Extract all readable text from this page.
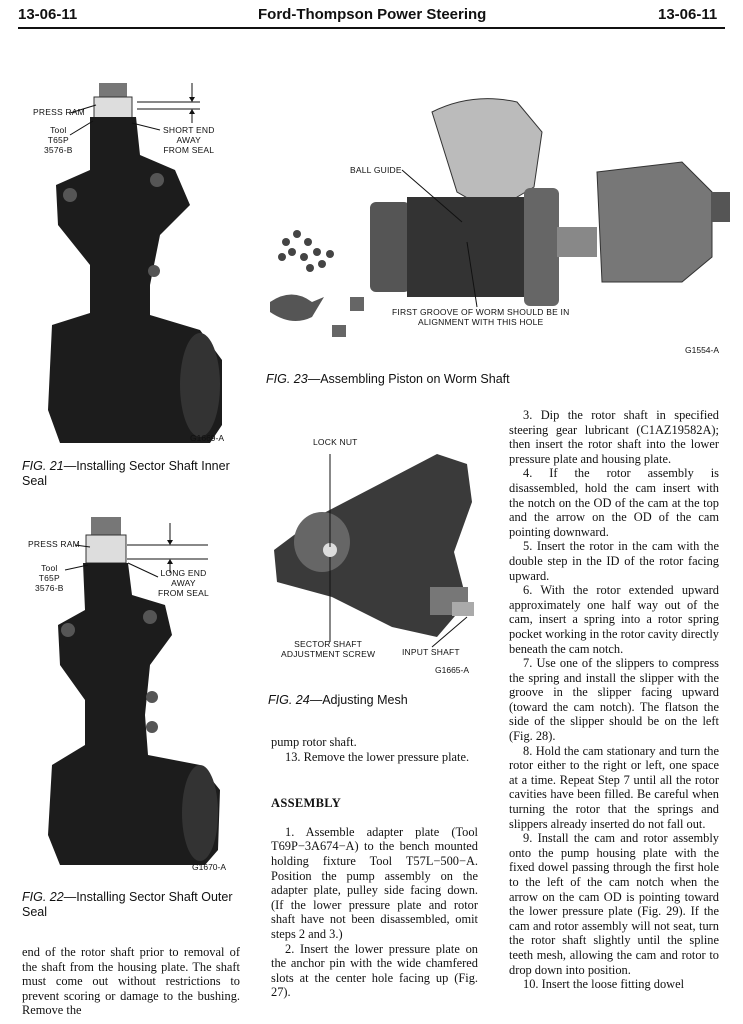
13-06-11	Ford-Thompson Power Steering	13-06-11
PRESS RAM
Tool
T65P
3576-B
SHORT END
AWAY
FROM SEAL
G1669-A
FIG. 21—Installing Sector Shaft Inner Seal
PRESS RAM
Tool
T65P
3576-B
LONG END
AWAY
FROM SEAL
G1670-A
FIG. 22—Installing Sector Shaft Outer Seal

end of the rotor shaft prior to removal of the shaft from the housing plate. The shaft must come out without restrictions to prevent scoring or damage to the bushing. Remove the

BALL GUIDE
FIRST GROOVE OF WORM SHOULD BE IN
ALIGNMENT WITH THIS HOLE
G1554-A
FIG. 23—Assembling Piston on Worm Shaft
LOCK NUT
SECTOR SHAFT
ADJUSTMENT SCREW	INPUT SHAFT
G1665-A
FIG. 24—Adjusting Mesh

pump rotor shaft.

13. Remove the lower pressure plate.

ASSEMBLY

1. Assemble adapter plate (Tool T69P−3A674−A) to the bench mounted holding fixture Tool T57L−500−A. Position the pump assembly on the adapter plate, pulley side facing down. (If the lower pressure plate and rotor shaft have not been disassembled, omit steps 2 and 3.)

2. Insert the lower pressure plate on the anchor pin with the wide chamfered slots at the center hole facing up (Fig. 27).

3. Dip the rotor shaft in specified steering gear lubricant (C1AZ19582A); then insert the rotor shaft into the lower pressure plate and housing plate.

4. If the rotor assembly is disassembled, hold the cam insert with the notch on the OD of the cam at the top and the arrow on the OD of the cam pointing downward.

5. Insert the rotor in the cam with the double step in the ID of the rotor facing upward.

6. With the rotor extended upward approximately one half way out of the cam, insert a spring into a rotor spring pocket working in the rotor cavity directly beneath the cam notch.

7. Use one of the slippers to compress the spring and install the slipper with the groove in the slipper facing upward (toward the cam notch). The flatson the side of the slipper should be on the left (Fig. 28).

8. Hold the cam stationary and turn the rotor either to the right or left, one space at a time. Repeat Step 7 until all the rotor cavities have been filled. Be careful when turning the rotor that the springs and slippers already inserted do not fall out.

9. Install the cam and rotor assembly onto the pump housing plate with the fixed dowel passing through the first hole to the left of the cam notch when the arrow on the cam OD is pointing toward the lower pressure plate (Fig. 29). If the cam and rotor assembly will not seat, turn the rotor shaft slightly until the spline teeth mesh, allowing the cam and rotor to drop down into position.

10. Insert the loose fitting dowel
